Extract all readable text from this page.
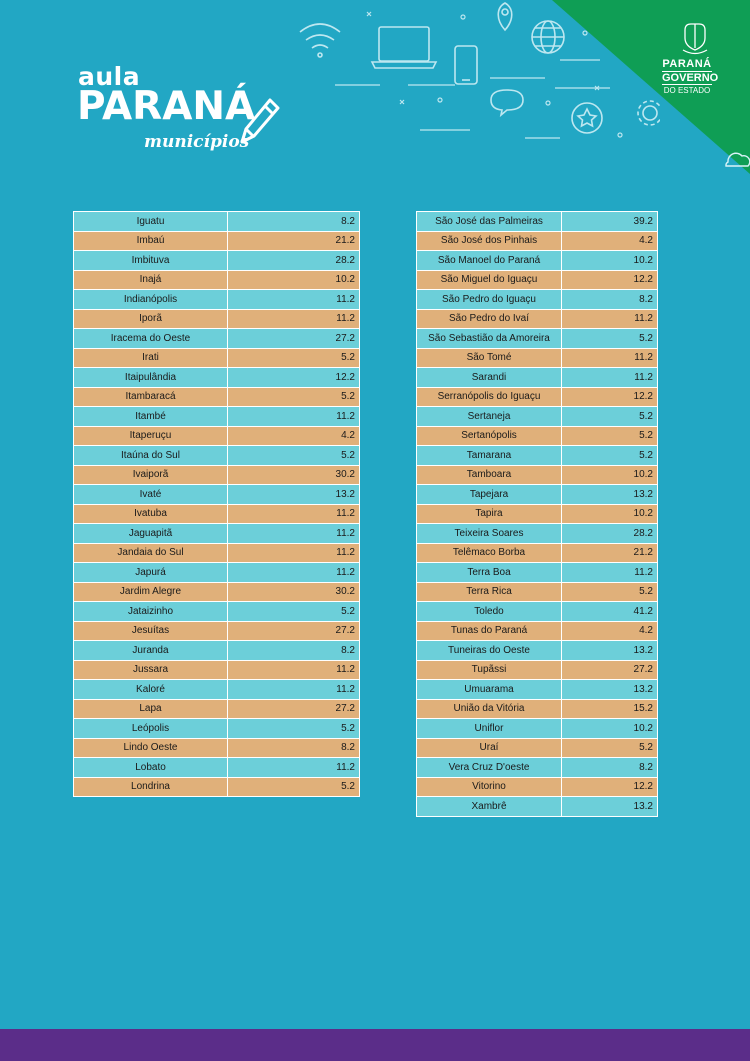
aula
PARANÁ
municípios
PARANÁ
GOVERNO
DO ESTADO
Iguatu	8.2
Imbaú	21.2
Imbituva	28.2
Inajá	10.2
Indianópolis	11.2
Iporã	11.2
Iracema do Oeste	27.2
Irati	5.2
Itaipulândia	12.2
Itambaracá	5.2
Itambé	11.2
Itaperuçu	4.2
Itaúna do Sul	5.2
Ivaiporã	30.2
Ivaté	13.2
Ivatuba	11.2
Jaguapitã	11.2
Jandaia do Sul	11.2
Japurá	11.2
Jardim Alegre	30.2
Jataizinho	5.2
Jesuítas	27.2
Juranda	8.2
Jussara	11.2
Kaloré	11.2
Lapa	27.2
Leópolis	5.2
Lindo Oeste	8.2
Lobato	11.2
Londrina	5.2
São José das Palmeiras	39.2
São José dos Pinhais	4.2
São Manoel do Paraná	10.2
São Miguel do Iguaçu	12.2
São Pedro do Iguaçu	8.2
São Pedro do Ivaí	11.2
São Sebastião da Amoreira	5.2
São Tomé	11.2
Sarandi	11.2
Serranópolis do Iguaçu	12.2
Sertaneja	5.2
Sertanópolis	5.2
Tamarana	5.2
Tamboara	10.2
Tapejara	13.2
Tapira	10.2
Teixeira Soares	28.2
Telêmaco Borba	21.2
Terra Boa	11.2
Terra Rica	5.2
Toledo	41.2
Tunas do Paraná	4.2
Tuneiras do Oeste	13.2
Tupãssi	27.2
Umuarama	13.2
União da Vitória	15.2
Uniflor	10.2
Uraí	5.2
Vera Cruz D'oeste	8.2
Vitorino	12.2
Xambrê	13.2
